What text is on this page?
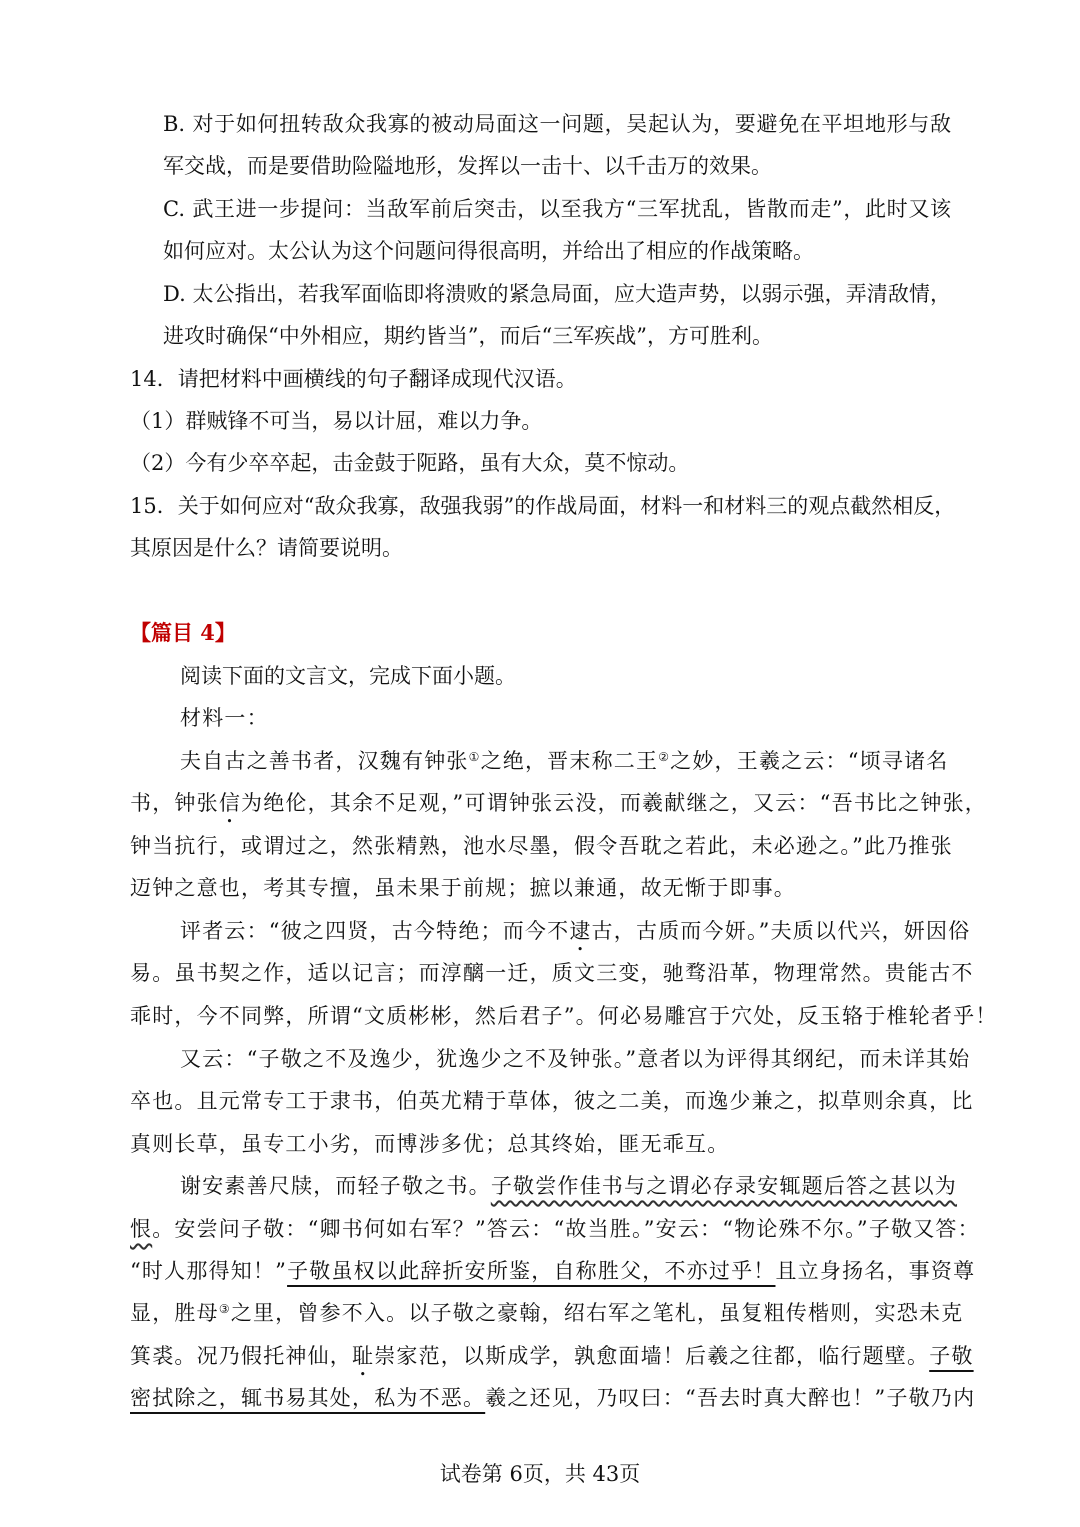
B. 对于如何扭转敌众我寡的被动局面这一问题，吴起认为，要避免在平坦地形与敌
军交战，而是要借助险隘地形，发挥以一击十、以千击万的效果。
C. 武王进一步提问：当敌军前后突击，以至我方“三军扰乱，皆散而走”，此时又该
如何应对。太公认为这个问题问得很高明，并给出了相应的作战策略。
D. 太公指出，若我军面临即将溃败的紧急局面，应大造声势，以弱示强，弄清敌情，
进攻时确保“中外相应，期约皆当”，而后“三军疾战”，方可胜利。
14．请把材料中画横线的句子翻译成现代汉语。
（1）群贼锋不可当，易以计屈，难以力争。
（2）今有少卒卒起，击金鼓于阨路，虽有大众，莫不惊动。
15．关于如何应对“敌众我寡，敌强我弱”的作战局面，材料一和材料三的观点截然相反，
其原因是什么？请简要说明。
【篇目 4】
阅读下面的文言文，完成下面小题。
材料一：
夫自古之善书者，汉魏有钟张①之绝，晋末称二王②之妙，王羲之云：“顷寻诸名
书，钟张信为绝伦，其余不足观，”可谓钟张云没，而羲献继之，又云：“吾书比之钟张，
钟当抗行，或谓过之，然张精熟，池水尽墨，假令吾耽之若此，未必逊之。”此乃推张
迈钟之意也，考其专擅，虽未果于前规；摭以兼通，故无惭于即事。
评者云：“彼之四贤，古今特绝；而今不逮古，古质而今妍。”夫质以代兴，妍因俗
易。虽书契之作，适以记言；而淳醨一迁，质文三变，驰骛沿革，物理常然。贵能古不
乖时，今不同弊，所谓“文质彬彬，然后君子”。何必易雕宫于穴处，反玉辂于椎轮者乎！
又云：“子敬之不及逸少，犹逸少之不及钟张。”意者以为评得其纲纪，而未详其始
卒也。且元常专工于隶书，伯英尤精于草体，彼之二美，而逸少兼之，拟草则余真，比
真则长草，虽专工小劣，而博涉多优；总其终始，匪无乖互。
谢安素善尺牍，而轻子敬之书。子敬尝作佳书与之谓必存录安辄题后答之甚以为
恨。安尝问子敬：“卿书何如右军？”答云：“故当胜。”安云：“物论殊不尔。”子敬又答：
“时人那得知！”子敬虽权以此辞折安所鉴，自称胜父，不亦过乎！且立身扬名，事资尊
显，胜母③之里，曾参不入。以子敬之豪翰，绍右军之笔札，虽复粗传楷则，实恐未克
箕裘。况乃假托神仙，耻崇家范，以斯成学，孰愈面墙！后羲之往都，临行题壁。子敬
密拭除之，辄书易其处，私为不恶。羲之还见，乃叹曰：“吾去时真大醉也！”子敬乃内
试卷第 6页，共 43页
